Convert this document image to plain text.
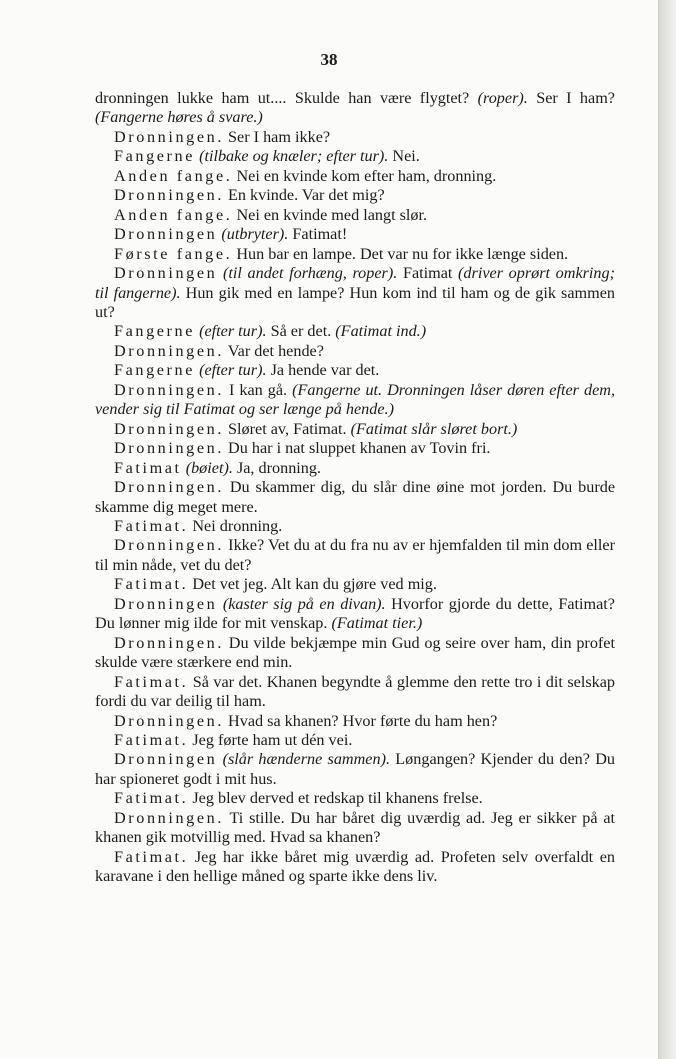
38

dronningen lukke ham ut.... Skulde han være flygtet? (roper). Ser I ham? (Fangerne høres å svare.)

Dronningen. Ser I ham ikke?

Fangerne (tilbake og knæler; efter tur). Nei.

Anden fange. Nei en kvinde kom efter ham, dronning.

Dronningen. En kvinde. Var det mig?

Anden fange. Nei en kvinde med langt slør.

Dronningen (utbryter). Fatimat!

Første fange. Hun bar en lampe. Det var nu for ikke længe siden.

Dronningen (til andet forhæng, roper). Fatimat (driver oprørt omkring; til fangerne). Hun gik med en lampe? Hun kom ind til ham og de gik sammen ut?

Fangerne (efter tur). Så er det. (Fatimat ind.)

Dronningen. Var det hende?

Fangerne (efter tur). Ja hende var det.

Dronningen. I kan gå. (Fangerne ut. Dronningen låser døren efter dem, vender sig til Fatimat og ser længe på hende.)

Dronningen. Sløret av, Fatimat. (Fatimat slår sløret bort.)

Dronningen. Du har i nat sluppet khanen av Tovin fri.

Fatimat (bøiet). Ja, dronning.

Dronningen. Du skammer dig, du slår dine øine mot jorden. Du burde skamme dig meget mere.

Fatimat. Nei dronning.

Dronningen. Ikke? Vet du at du fra nu av er hjemfalden til min dom eller til min nåde, vet du det?

Fatimat. Det vet jeg. Alt kan du gjøre ved mig.

Dronningen (kaster sig på en divan). Hvorfor gjorde du dette, Fatimat? Du lønner mig ilde for mit venskap. (Fatimat tier.)

Dronningen. Du vilde bekjæmpe min Gud og seire over ham, din profet skulde være stærkere end min.

Fatimat. Så var det. Khanen begyndte å glemme den rette tro i dit selskap fordi du var deilig til ham.

Dronningen. Hvad sa khanen? Hvor førte du ham hen?

Fatimat. Jeg førte ham ut dén vei.

Dronningen (slår hænderne sammen). Løngangen? Kjender du den? Du har spioneret godt i mit hus.

Fatimat. Jeg blev derved et redskap til khanens frelse.

Dronningen. Ti stille. Du har båret dig uværdig ad. Jeg er sikker på at khanen gik motvillig med. Hvad sa khanen?

Fatimat. Jeg har ikke båret mig uværdig ad. Profeten selv overfaldt en karavane i den hellige måned og sparte ikke dens liv.
